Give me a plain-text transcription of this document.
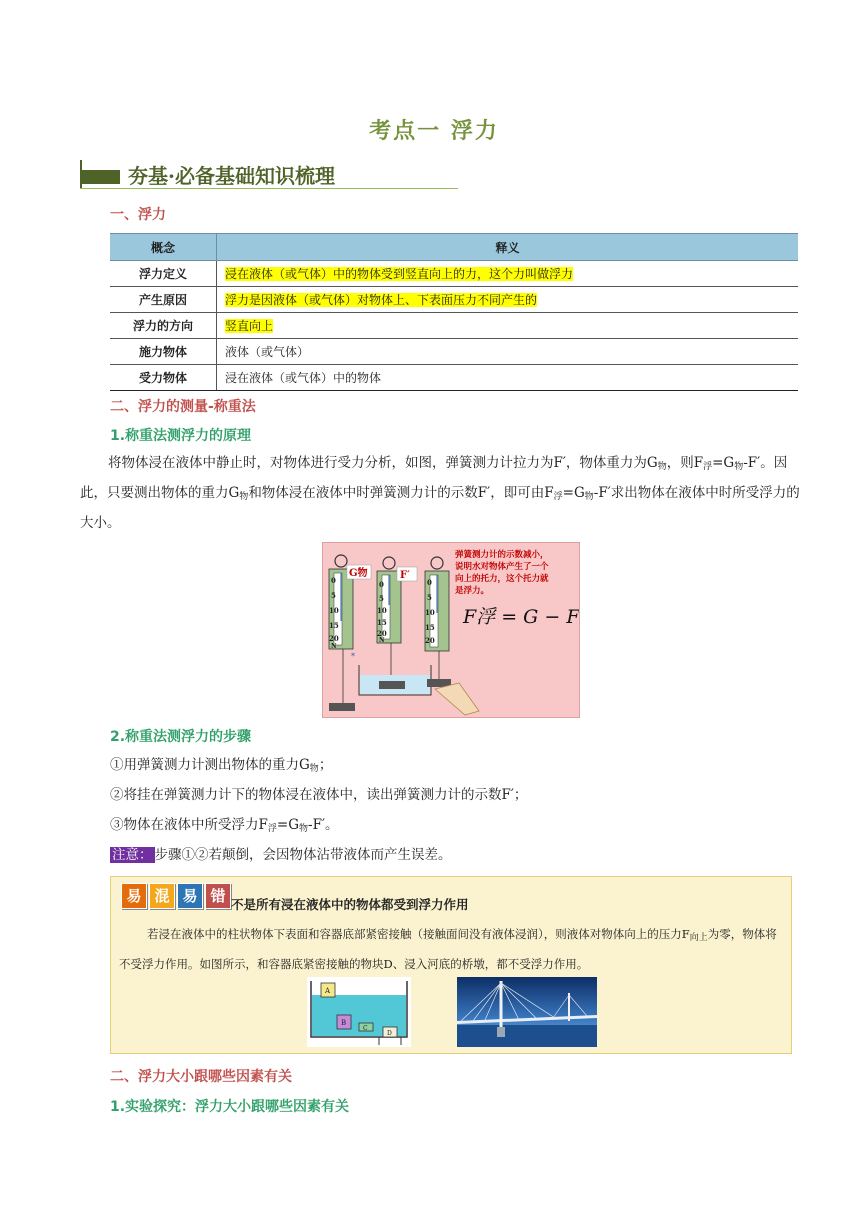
考点一 浮力
夯基·必备基础知识梳理
一、浮力
概念	释义
浮力定义	浸在液体（或气体）中的物体受到竖直向上的力，这个力叫做浮力
产生原因	浮力是因液体（或气体）对物体上、下表面压力不同产生的
浮力的方向	竖直向上
施力物体	液体（或气体）
受力物体	浸在液体（或气体）中的物体
二、浮力的测量-称重法
1.称重法测浮力的原理
将物体浸在液体中静止时，对物体进行受力分析，如图，弹簧测力计拉力为F′，物体重力为$G_物$，则$F_浮=G_物-F'$。因此，只要测出物体的重力$G_物$和物体浸在液体中时弹簧测力计的示数F′，即可由$F_浮=G_物-F'$求出物体在液体中时所受浮力的大小。
0
5
10
15
20
N
G物
0
5
10
15
20
N
F′
*
0
5
10
15
20
弹簧测力计的示数减小，
说明水对物体产生了一个
向上的托力，这个托力就
是浮力。
F浮 = G − F′
2.称重法测浮力的步骤
①用弹簧测力计测出物体的重力$G_物$；
②将挂在弹簧测力计下的物体浸在液体中，读出弹簧测力计的示数F′；
③物体在液体中所受浮力$F_浮=G_物-F'$。
注意： 步骤①②若颠倒，会因物体沾带液体而产生误差。
易 混 易 错 不是所有浸在液体中的物体都受到浮力作用
若浸在液体中的柱状物体下表面和容器底部紧密接触（接触面间没有液体浸润），则液体对物体向上的压力$F_{向上}$为零，物体将不受浮力作用。如图所示，和容器底紧密接触的物块D、浸入河底的桥墩，都不受浮力作用。
A
B
C
D
二、浮力大小跟哪些因素有关
1.实验探究：浮力大小跟哪些因素有关
